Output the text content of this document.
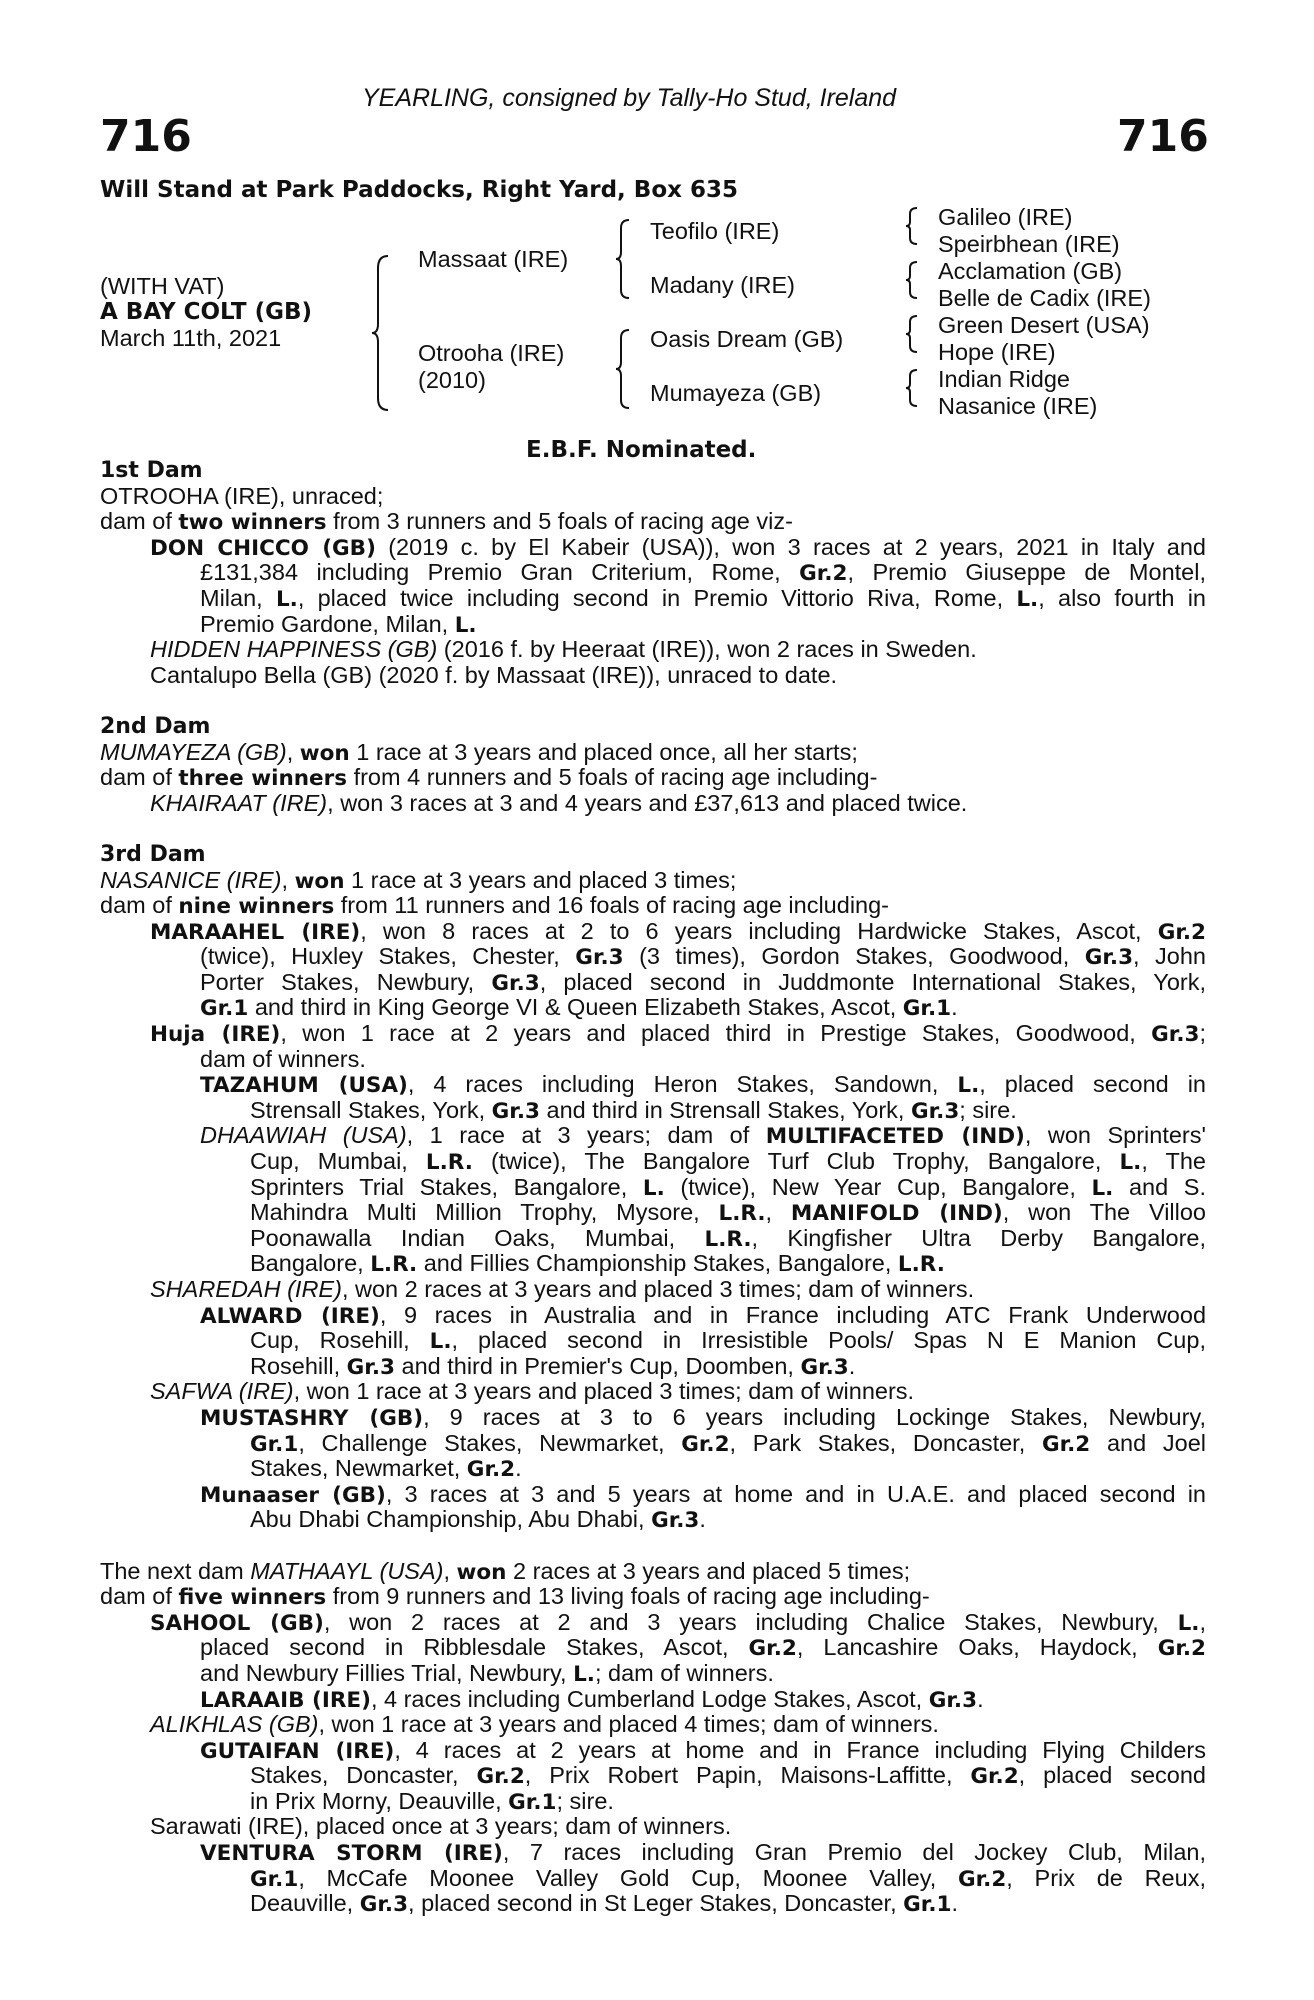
YEARLING, consigned by Tally-Ho Stud, Ireland
716	716
Will Stand at Park Paddocks, Right Yard, Box 635
(WITH VAT)
A BAY COLT (GB)
March 11th, 2021
Massaat (IRE)
Otrooha (IRE)
(2010)
Teofilo (IRE)
Madany (IRE)
Oasis Dream (GB)
Mumayeza (GB)
Galileo (IRE)
Speirbhean (IRE)
Acclamation (GB)
Belle de Cadix (IRE)
Green Desert (USA)
Hope (IRE)
Indian Ridge
Nasanice (IRE)
E.B.F. Nominated.
1st Dam
OTROOHA (IRE), unraced;
dam of two winners from 3 runners and 5 foals of racing age viz-
DON CHICCO (GB) (2019 c. by El Kabeir (USA)), won 3 races at 2 years, 2021 in Italy and
£131,384 including Premio Gran Criterium, Rome, Gr.2, Premio Giuseppe de Montel,
Milan, L., placed twice including second in Premio Vittorio Riva, Rome, L., also fourth in
Premio Gardone, Milan, L.
HIDDEN HAPPINESS (GB) (2016 f. by Heeraat (IRE)), won 2 races in Sweden.
Cantalupo Bella (GB) (2020 f. by Massaat (IRE)), unraced to date.
2nd Dam
MUMAYEZA (GB), won 1 race at 3 years and placed once, all her starts;
dam of three winners from 4 runners and 5 foals of racing age including-
KHAIRAAT (IRE), won 3 races at 3 and 4 years and £37,613 and placed twice.
3rd Dam
NASANICE (IRE), won 1 race at 3 years and placed 3 times;
dam of nine winners from 11 runners and 16 foals of racing age including-
MARAAHEL (IRE), won 8 races at 2 to 6 years including Hardwicke Stakes, Ascot, Gr.2
(twice), Huxley Stakes, Chester, Gr.3 (3 times), Gordon Stakes, Goodwood, Gr.3, John
Porter Stakes, Newbury, Gr.3, placed second in Juddmonte International Stakes, York,
Gr.1 and third in King George VI & Queen Elizabeth Stakes, Ascot, Gr.1.
Huja (IRE), won 1 race at 2 years and placed third in Prestige Stakes, Goodwood, Gr.3;
dam of winners.
TAZAHUM (USA), 4 races including Heron Stakes, Sandown, L., placed second in
Strensall Stakes, York, Gr.3 and third in Strensall Stakes, York, Gr.3; sire.
DHAAWIAH (USA), 1 race at 3 years; dam of MULTIFACETED (IND), won Sprinters'
Cup, Mumbai, L.R. (twice), The Bangalore Turf Club Trophy, Bangalore, L., The
Sprinters Trial Stakes, Bangalore, L. (twice), New Year Cup, Bangalore, L. and S.
Mahindra Multi Million Trophy, Mysore, L.R., MANIFOLD (IND), won The Villoo
Poonawalla Indian Oaks, Mumbai, L.R., Kingfisher Ultra Derby Bangalore,
Bangalore, L.R. and Fillies Championship Stakes, Bangalore, L.R.
SHAREDAH (IRE), won 2 races at 3 years and placed 3 times; dam of winners.
ALWARD (IRE), 9 races in Australia and in France including ATC Frank Underwood
Cup, Rosehill, L., placed second in Irresistible Pools/ Spas N E Manion Cup,
Rosehill, Gr.3 and third in Premier's Cup, Doomben, Gr.3.
SAFWA (IRE), won 1 race at 3 years and placed 3 times; dam of winners.
MUSTASHRY (GB), 9 races at 3 to 6 years including Lockinge Stakes, Newbury,
Gr.1, Challenge Stakes, Newmarket, Gr.2, Park Stakes, Doncaster, Gr.2 and Joel
Stakes, Newmarket, Gr.2.
Munaaser (GB), 3 races at 3 and 5 years at home and in U.A.E. and placed second in
Abu Dhabi Championship, Abu Dhabi, Gr.3.
The next dam MATHAAYL (USA), won 2 races at 3 years and placed 5 times;
dam of five winners from 9 runners and 13 living foals of racing age including-
SAHOOL (GB), won 2 races at 2 and 3 years including Chalice Stakes, Newbury, L.,
placed second in Ribblesdale Stakes, Ascot, Gr.2, Lancashire Oaks, Haydock, Gr.2
and Newbury Fillies Trial, Newbury, L.; dam of winners.
LARAAIB (IRE), 4 races including Cumberland Lodge Stakes, Ascot, Gr.3.
ALIKHLAS (GB), won 1 race at 3 years and placed 4 times; dam of winners.
GUTAIFAN (IRE), 4 races at 2 years at home and in France including Flying Childers
Stakes, Doncaster, Gr.2, Prix Robert Papin, Maisons-Laffitte, Gr.2, placed second
in Prix Morny, Deauville, Gr.1; sire.
Sarawati (IRE), placed once at 3 years; dam of winners.
VENTURA STORM (IRE), 7 races including Gran Premio del Jockey Club, Milan,
Gr.1, McCafe Moonee Valley Gold Cup, Moonee Valley, Gr.2, Prix de Reux,
Deauville, Gr.3, placed second in St Leger Stakes, Doncaster, Gr.1.
